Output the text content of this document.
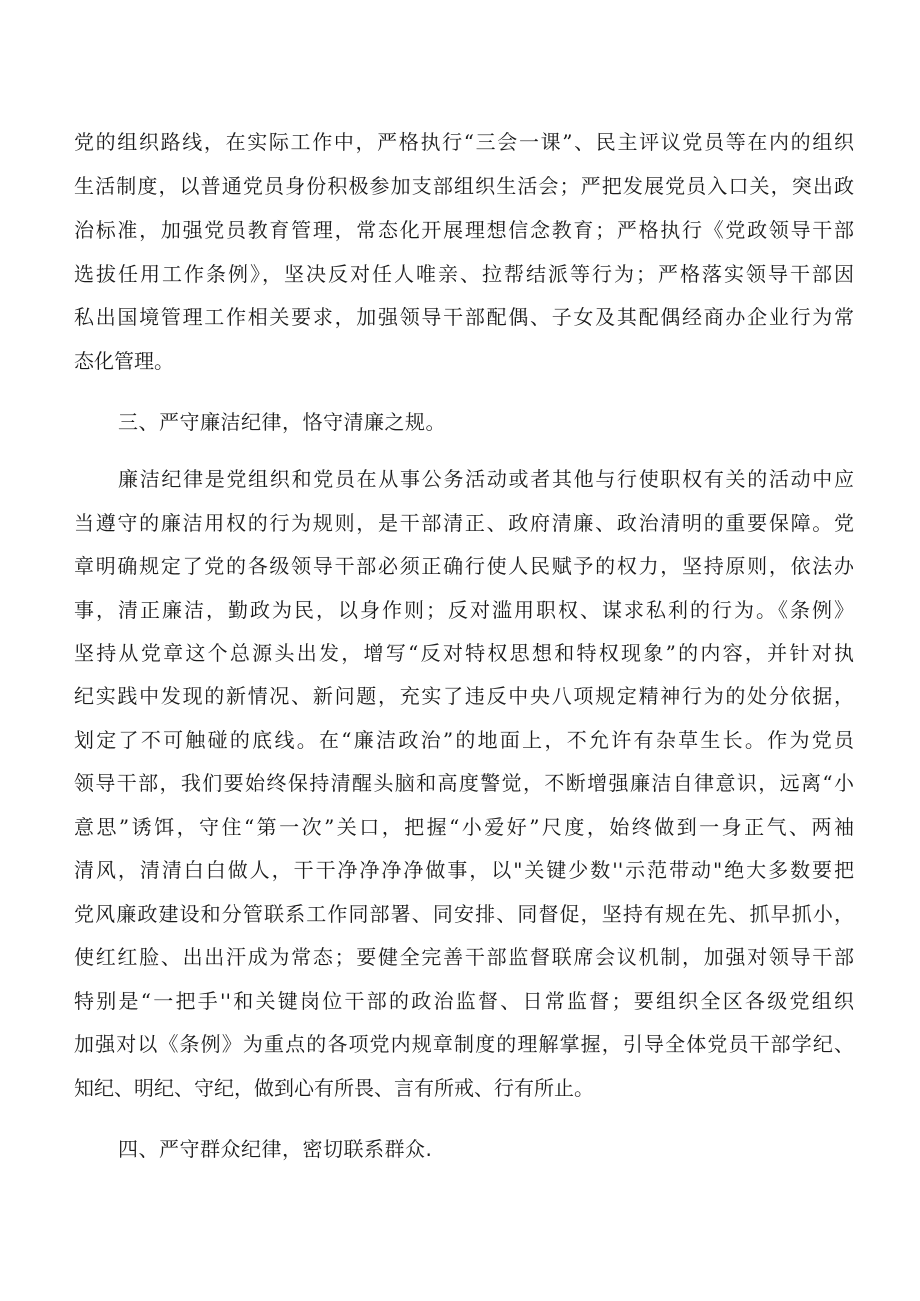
党的组织路线，在实际工作中，严格执行“三会一课”、民主评议党员等在内的组织
生活制度，以普通党员身份积极参加支部组织生活会；严把发展党员入口关，突出政
治标准，加强党员教育管理，常态化开展理想信念教育；严格执行《党政领导干部
选拔任用工作条例》，坚决反对任人唯亲、拉帮结派等行为；严格落实领导干部因
私出国境管理工作相关要求，加强领导干部配偶、子女及其配偶经商办企业行为常
态化管理。
三、严守廉洁纪律，恪守清廉之规。
廉洁纪律是党组织和党员在从事公务活动或者其他与行使职权有关的活动中应
当遵守的廉洁用权的行为规则，是干部清正、政府清廉、政治清明的重要保障。党
章明确规定了党的各级领导干部必须正确行使人民赋予的权力，坚持原则，依法办
事，清正廉洁，勤政为民，以身作则；反对滥用职权、谋求私利的行为。《条例》
坚持从党章这个总源头出发，增写“反对特权思想和特权现象”的内容，并针对执
纪实践中发现的新情况、新问题，充实了违反中央八项规定精神行为的处分依据，
划定了不可触碰的底线。在“廉洁政治”的地面上，不允许有杂草生长。作为党员
领导干部，我们要始终保持清醒头脑和高度警觉，不断增强廉洁自律意识，远离“小
意思”诱饵，守住“第一次”关口，把握“小爱好”尺度，始终做到一身正气、两袖
清风，清清白白做人，干干净净净净做事，以"关键少数''示范带动"绝大多数要把
党风廉政建设和分管联系工作同部署、同安排、同督促，坚持有规在先、抓早抓小，
使红红脸、出出汗成为常态；要健全完善干部监督联席会议机制，加强对领导干部
特别是“一把手''和关键岗位干部的政治监督、日常监督；要组织全区各级党组织
加强对以《条例》为重点的各项党内规章制度的理解掌握，引导全体党员干部学纪、
知纪、明纪、守纪，做到心有所畏、言有所戒、行有所止。
四、严守群众纪律，密切联系群众.
